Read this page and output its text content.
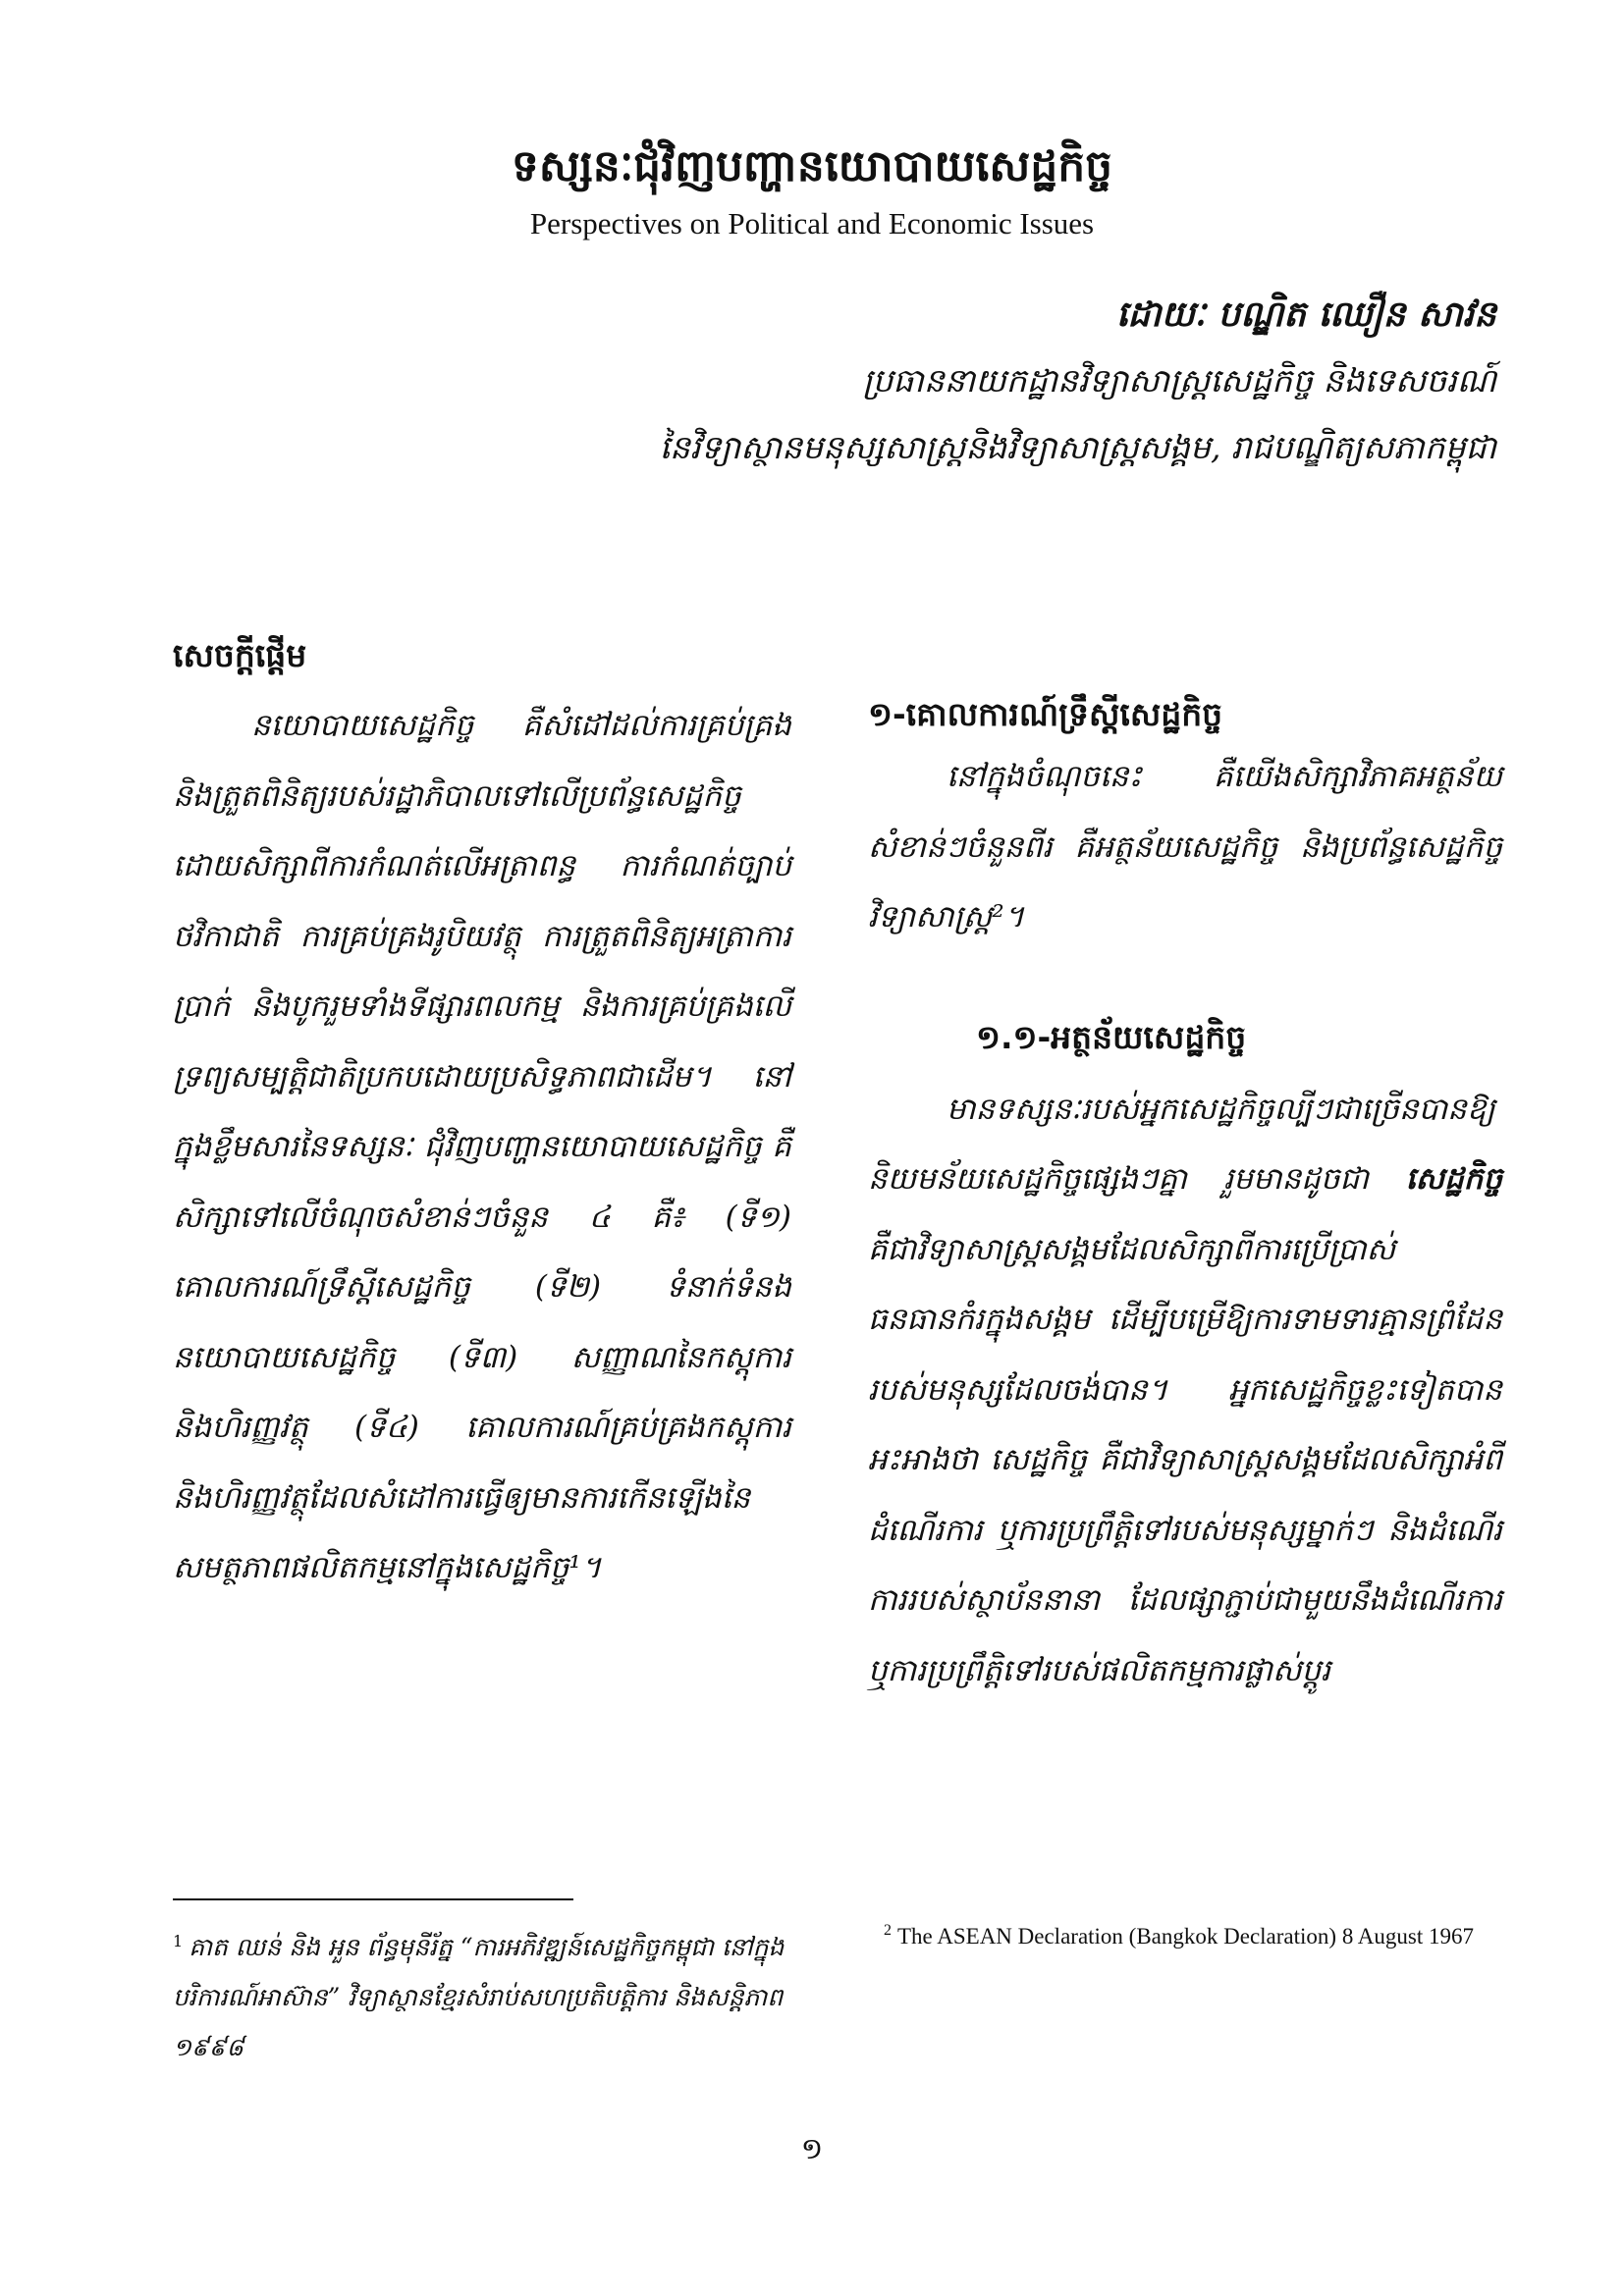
ទស្សនៈជុំវិញបញ្ហានយោបាយសេដ្ឋកិច្ច
Perspectives on Political and Economic Issues
ដោយៈ បណ្ឌិត ឈឿន សាវន
ប្រធាននាយកដ្ឋានវិទ្យាសាស្ត្រសេដ្ឋកិច្ច និងទេសចរណ៍
នៃវិទ្យាស្ថានមនុស្សសាស្ត្រនិងវិទ្យាសាស្ត្រសង្គម, រាជបណ្ឌិត្យសភាកម្ពុជា

សេចក្ដីផ្ដើម

នយោបាយសេដ្ឋកិច្ច គឺសំដៅដល់ការគ្រប់គ្រង និងត្រួតពិនិត្យរបស់រដ្ឋាភិបាលទៅលើប្រព័ន្ធសេដ្ឋកិច្ច ដោយសិក្សាពីការកំណត់លើអត្រាពន្ធ ការកំណត់ច្បាប់ថវិកាជាតិ ការគ្រប់គ្រងរូបិយវត្ថុ ការត្រួតពិនិត្យអត្រាការប្រាក់ និងបូករួមទាំងទីផ្សារពលកម្ម និងការគ្រប់គ្រងលើទ្រព្យសម្បត្តិជាតិប្រកបដោយប្រសិទ្ធភាពជាដើម។ នៅក្នុងខ្លឹមសារនៃទស្សនៈ ជុំវិញបញ្ហានយោបាយសេដ្ឋកិច្ច គឺសិក្សាទៅលើចំណុចសំខាន់ៗចំនួន ៤ គឺ៖ (ទី១) គោលការណ៍ទ្រឹស្ដីសេដ្ឋកិច្ច (ទី២) ទំនាក់ទំនងនយោបាយសេដ្ឋកិច្ច (ទី៣) សញ្ញាណនៃកស្ដុការ និងហិរញ្ញវត្ថុ (ទី៤) គោលការណ៍គ្រប់គ្រងកស្ដុការ និងហិរញ្ញវត្ថុដែលសំដៅការធ្វើឲ្យមានការកើនឡើងនៃសមត្ថភាពផលិតកម្មនៅក្នុងសេដ្ឋកិច្ច¹។

១-គោលការណ៍ទ្រឹស្ដីសេដ្ឋកិច្ច

នៅក្នុងចំណុចនេះ គឺយើងសិក្សាវិភាគអត្ថន័យសំខាន់ៗចំនួនពីរ គឺអត្ថន័យសេដ្ឋកិច្ច និងប្រព័ន្ធសេដ្ឋកិច្ច វិទ្យាសាស្ត្រ²។

១.១-អត្ថន័យសេដ្ឋកិច្ច

មានទស្សនៈរបស់អ្នកសេដ្ឋកិច្ចល្បីៗជាច្រើនបានឱ្យនិយមន័យសេដ្ឋកិច្ចផ្សេងៗគ្នា រួមមានដូចជា សេដ្ឋកិច្ច គឺជាវិទ្យាសាស្ត្រសង្គមដែលសិក្សាពីការប្រើប្រាស់ធនធានកំរក្នុងសង្គម ដើម្បីបម្រើឱ្យការទាមទារគ្មានព្រំដែនរបស់មនុស្សដែលចង់បាន។ អ្នកសេដ្ឋកិច្ចខ្លះទៀតបានអះអាងថា សេដ្ឋកិច្ច គឺជាវិទ្យាសាស្ត្រសង្គមដែលសិក្សាអំពីដំណើរការ ឬការប្រព្រឹត្តិទៅរបស់មនុស្សម្នាក់ៗ និងដំណើរការរបស់ស្ថាប័ននានា ដែលផ្សាភ្ជាប់ជាមួយនឹងដំណើរការ ឬការប្រព្រឹត្តិទៅរបស់ផលិតកម្មការផ្លាស់ប្ដូរ

$^1$ គាត ឈន់ និង អួន ព័ន្ធមុនីរ័ត្ន “ការអភិវឌ្ឍន៍សេដ្ឋកិច្ចកម្ពុជា នៅក្នុងបរិការណ៍អាស៊ាន” វិទ្យាស្ថានខ្មែរសំរាប់សហប្រតិបត្តិការ និងសន្តិភាព ១៩៩៨
$^2$ The ASEAN Declaration (Bangkok Declaration) 8 August 1967
១
